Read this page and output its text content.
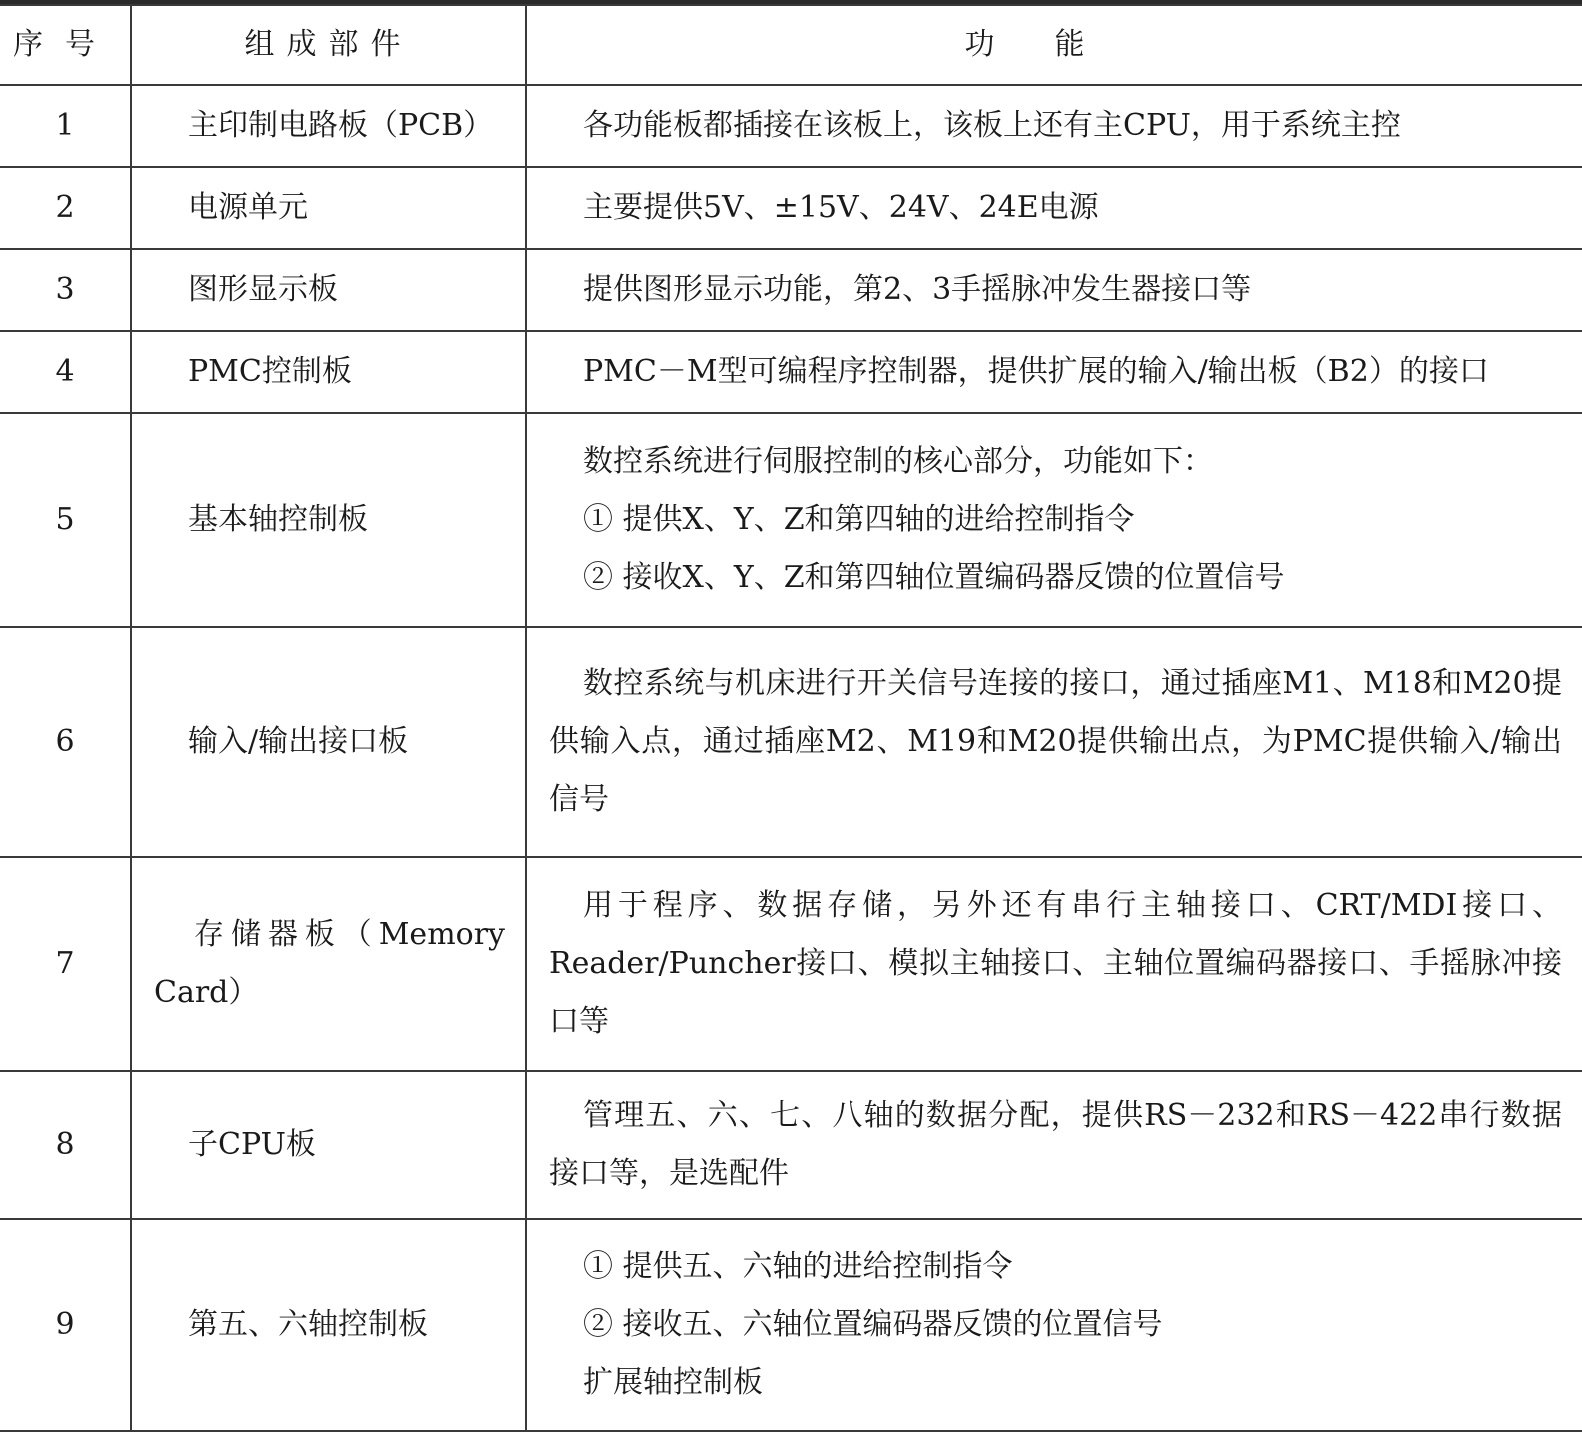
序号	组成部件	功能
1	主印制电路板（PCB）	各功能板都插接在该板上，该板上还有主CPU，用于系统主控

2	电源单元	主要提供5V、±15V、24V、24E电源

3	图形显示板	提供图形显示功能，第2、3手摇脉冲发生器接口等

4	PMC控制板	PMC－M型可编程序控制器，提供扩展的输入/输出板（B2）的接口

5	基本轴控制板	数控系统进行伺服控制的核心部分，功能如下：
① 提供X、Y、Z和第四轴的进给控制指令
② 接收X、Y、Z和第四轴位置编码器反馈的位置信号

6	输入/输出接口板	数控系统与机床进行开关信号连接的接口，通过插座M1、M18和M20提供输入点，通过插座M2、M19和M20提供输出点，为PMC提供输入/输出信号

7	存储器板（Memory Card）	用于程序、数据存储，另外还有串行主轴接口、CRT/MDI接口、Reader/Puncher接口、模拟主轴接口、主轴位置编码器接口、手摇脉冲接口等

8	子CPU板	管理五、六、七、八轴的数据分配，提供RS－232和RS－422串行数据接口等，是选配件

9	第五、六轴控制板	① 提供五、六轴的进给控制指令
② 接收五、六轴位置编码器反馈的位置信号
扩展轴控制板
